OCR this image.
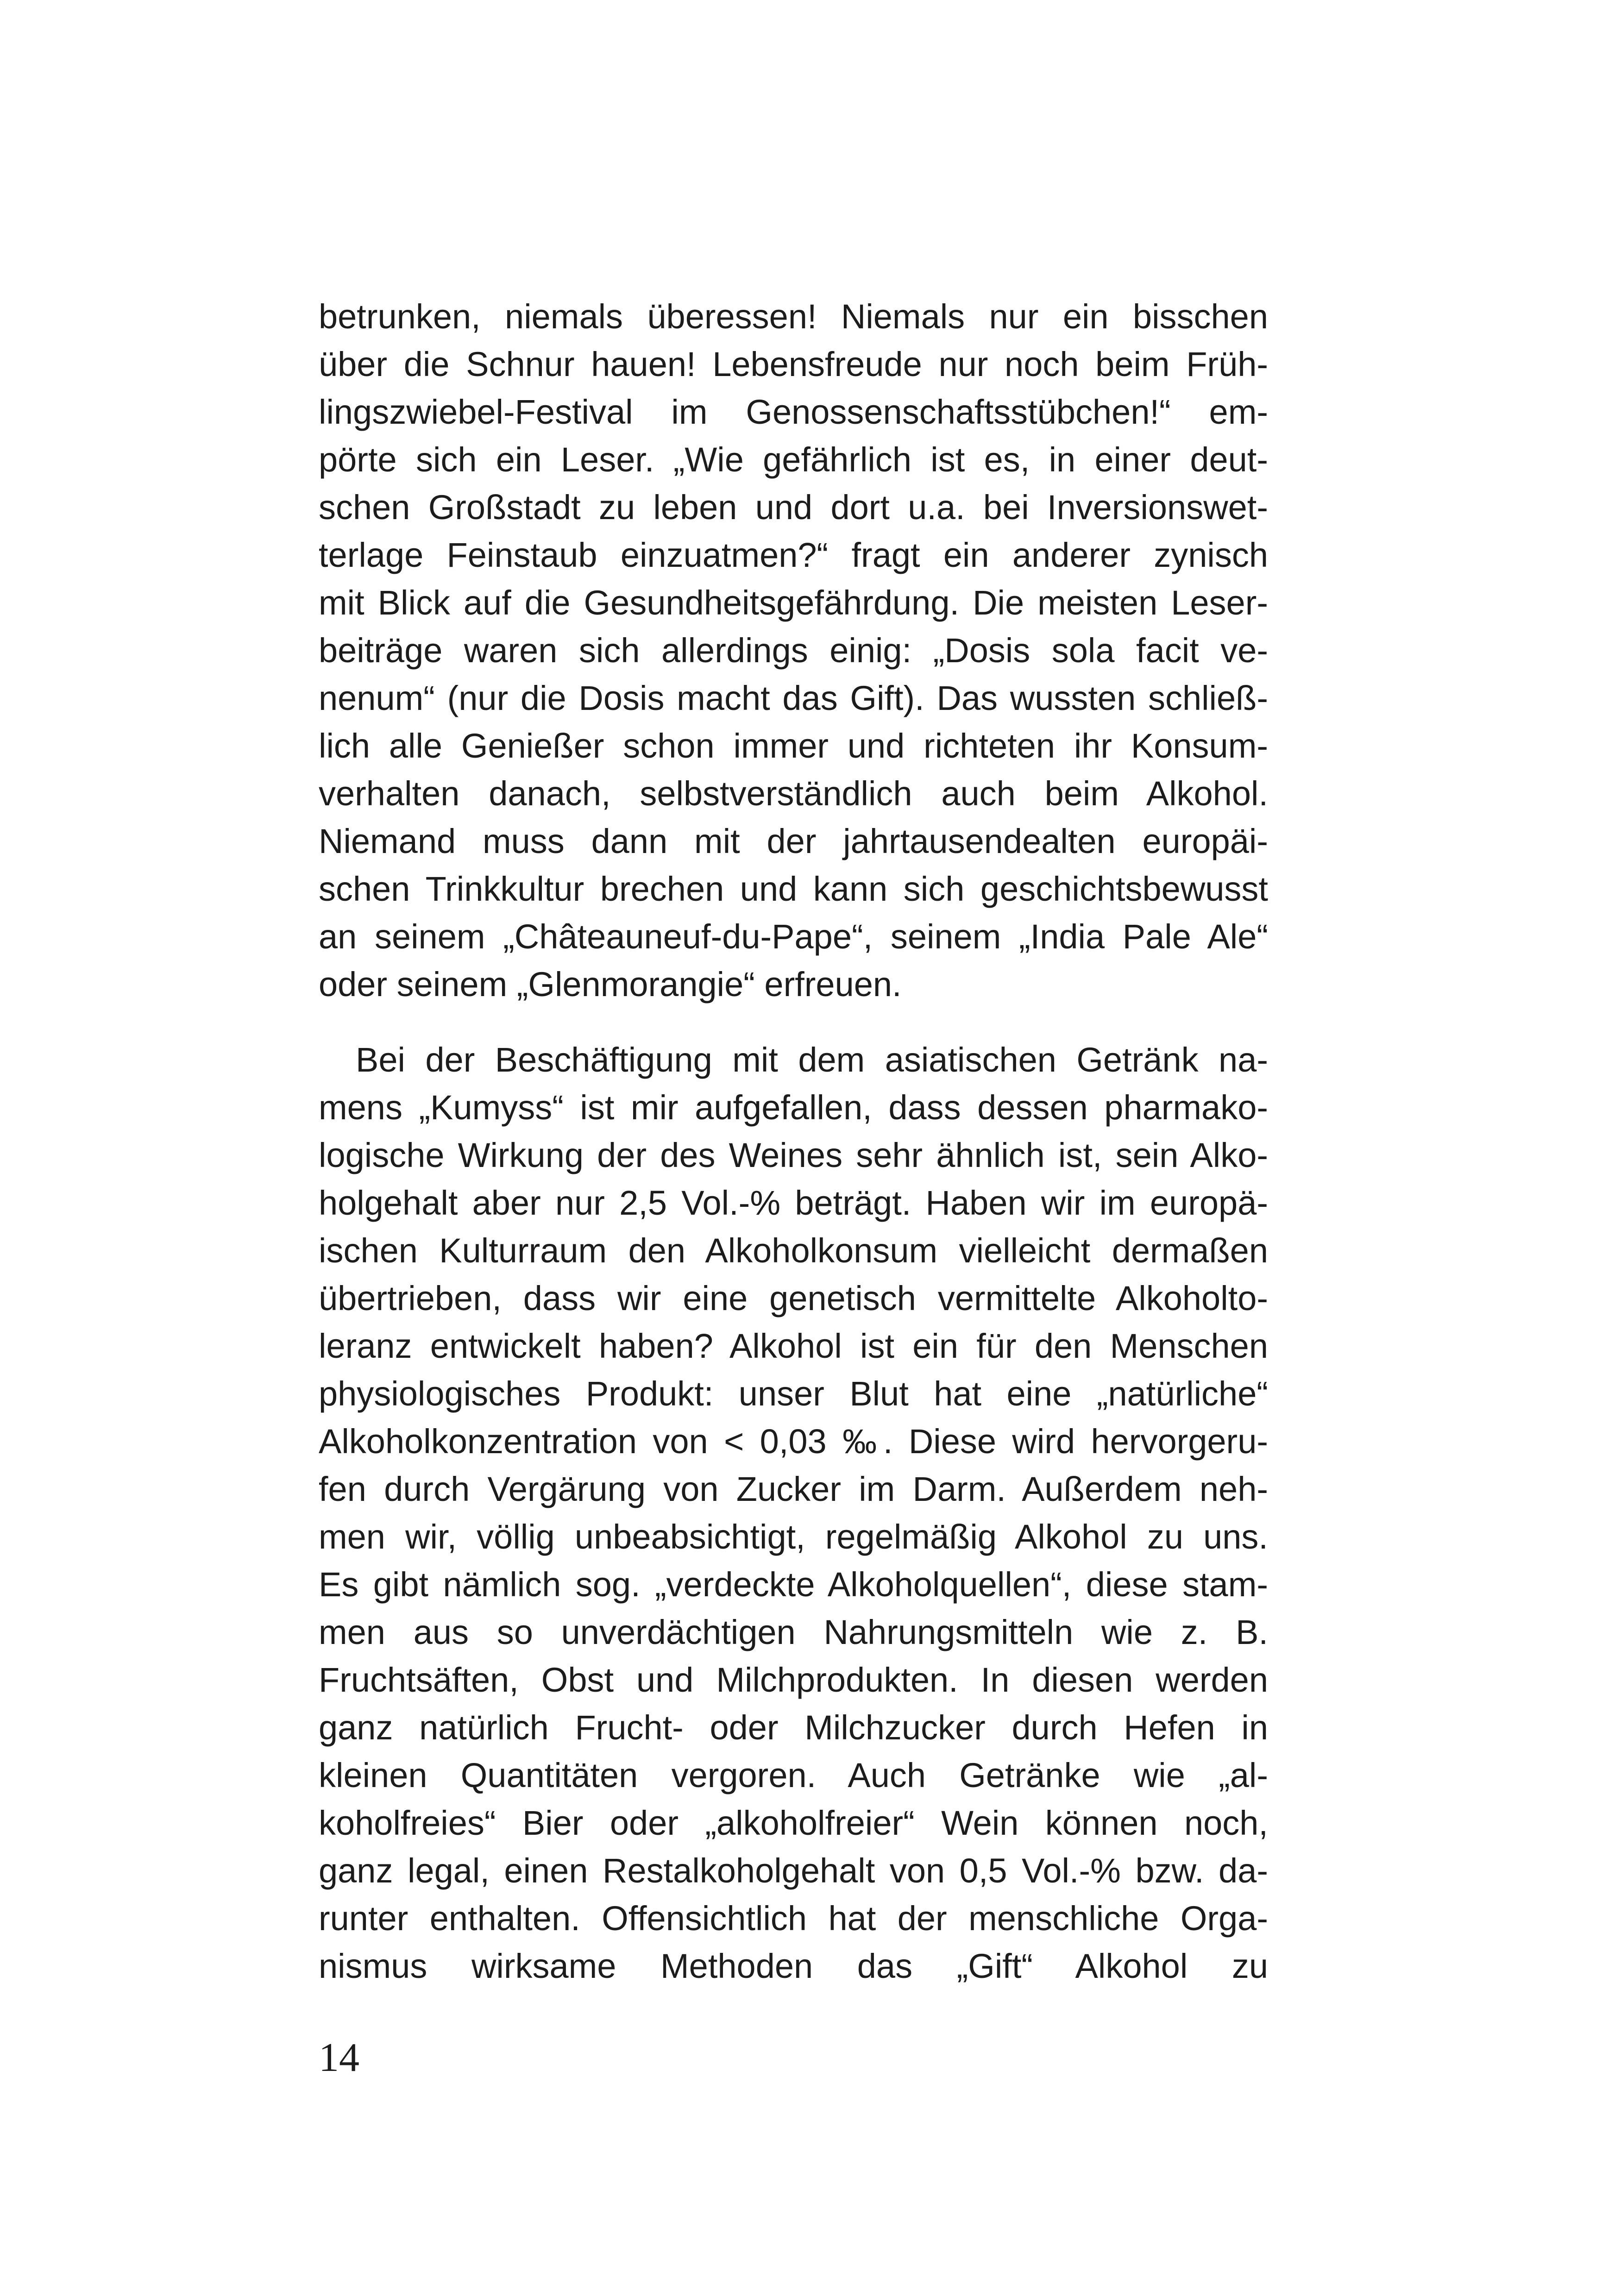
betrunken, niemals überessen! Niemals nur ein bisschen
über die Schnur hauen! Lebensfreude nur noch beim Früh-
lingszwiebel-Festival im Genossenschaftsstübchen!“ em-
pörte sich ein Leser. „Wie gefährlich ist es, in einer deut-
schen Großstadt zu leben und dort u.a. bei Inversionswet-
terlage Feinstaub einzuatmen?“ fragt ein anderer zynisch
mit Blick auf die Gesundheitsgefährdung. Die meisten Leser-
beiträge waren sich allerdings einig: „Dosis sola facit ve-
nenum“ (nur die Dosis macht das Gift). Das wussten schließ-
lich alle Genießer schon immer und richteten ihr Konsum-
verhalten danach, selbstverständlich auch beim Alkohol.
Niemand muss dann mit der jahrtausendealten europäi-
schen Trinkkultur brechen und kann sich geschichtsbewusst
an seinem „Châteauneuf-du-Pape“, seinem „India Pale Ale“
oder seinem „Glenmorangie“ erfreuen.
Bei der Beschäftigung mit dem asiatischen Getränk na-
mens „Kumyss“ ist mir aufgefallen, dass dessen pharmako-
logische Wirkung der des Weines sehr ähnlich ist, sein Alko-
holgehalt aber nur 2,5 Vol.-% beträgt. Haben wir im europä-
ischen Kulturraum den Alkoholkonsum vielleicht dermaßen
übertrieben, dass wir eine genetisch vermittelte Alkoholto-
leranz entwickelt haben? Alkohol ist ein für den Menschen
physiologisches Produkt: unser Blut hat eine „natürliche“
Alkoholkonzentration von < 0,03 ‰. Diese wird hervorgeru-
fen durch Vergärung von Zucker im Darm. Außerdem neh-
men wir, völlig unbeabsichtigt, regelmäßig Alkohol zu uns.
Es gibt nämlich sog. „verdeckte Alkoholquellen“, diese stam-
men aus so unverdächtigen Nahrungsmitteln wie z. B.
Fruchtsäften, Obst und Milchprodukten. In diesen werden
ganz natürlich Frucht- oder Milchzucker durch Hefen in
kleinen Quantitäten vergoren. Auch Getränke wie „al-
koholfreies“ Bier oder „alkoholfreier“ Wein können noch,
ganz legal, einen Restalkoholgehalt von 0,5 Vol.-% bzw. da-
runter enthalten. Offensichtlich hat der menschliche Orga-
nismus wirksame Methoden das „Gift“ Alkohol zu
14
